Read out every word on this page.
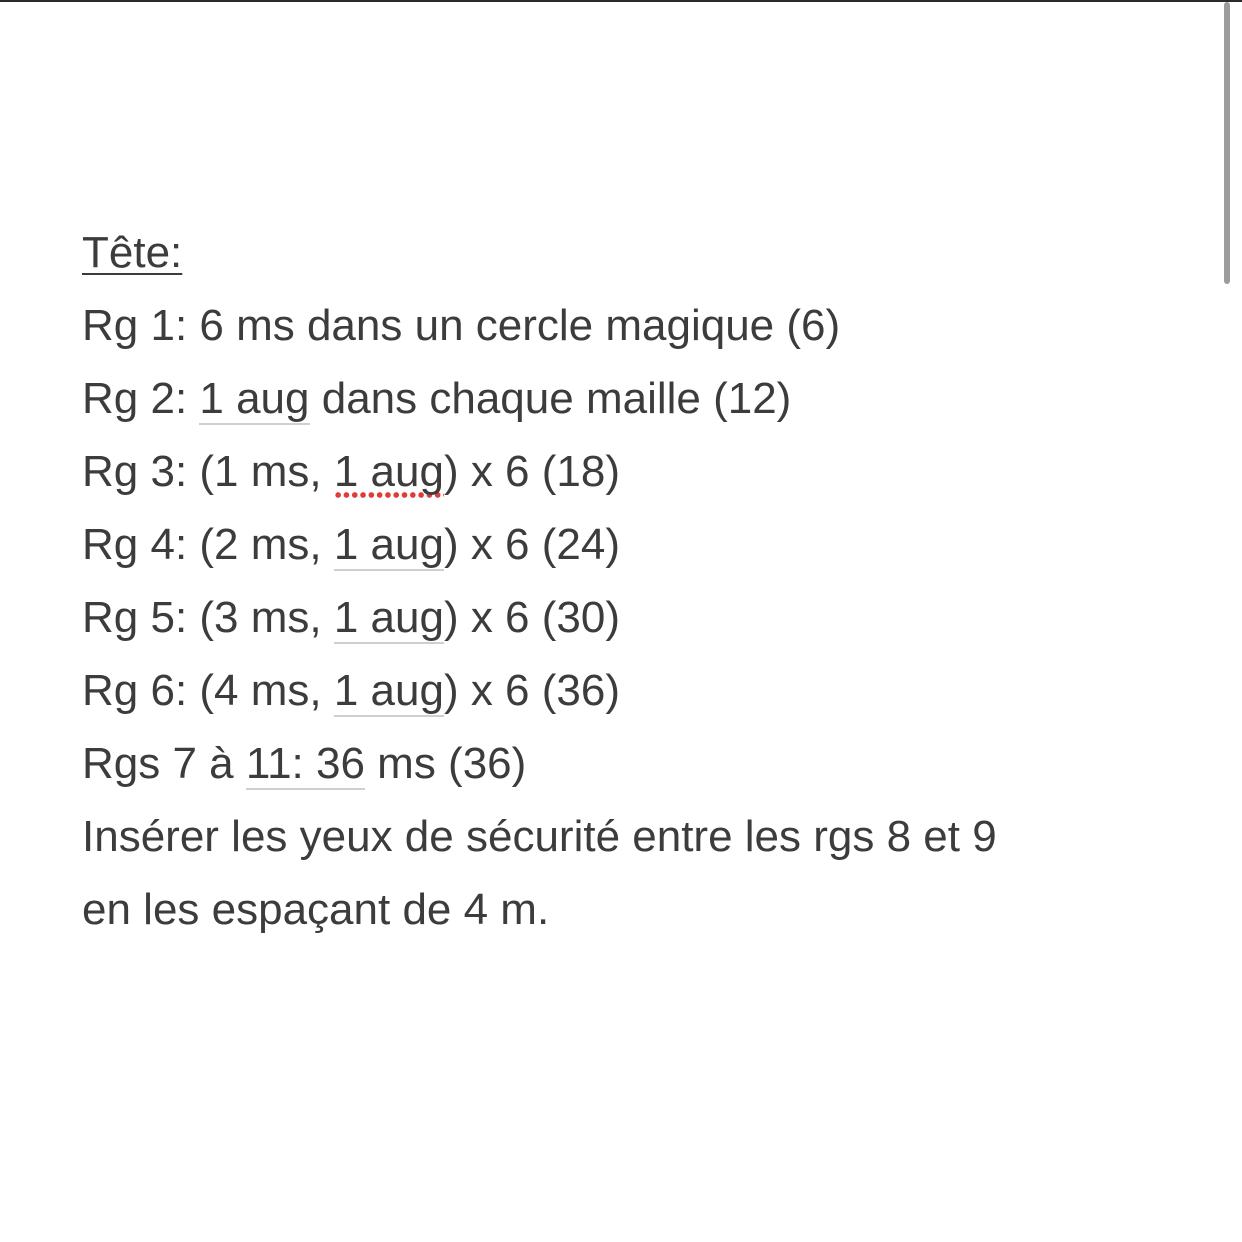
Tête:
Rg 1: 6 ms dans un cercle magique (6)
Rg 2: 1 aug dans chaque maille (12)
Rg 3: (1 ms, 1 aug) x 6 (18)
Rg 4: (2 ms, 1 aug) x 6 (24)
Rg 5: (3 ms, 1 aug) x 6 (30)
Rg 6: (4 ms, 1 aug) x 6 (36)
Rgs 7 à 11: 36 ms (36)
Insérer les yeux de sécurité entre les rgs 8 et 9
en les espaçant de 4 m.
